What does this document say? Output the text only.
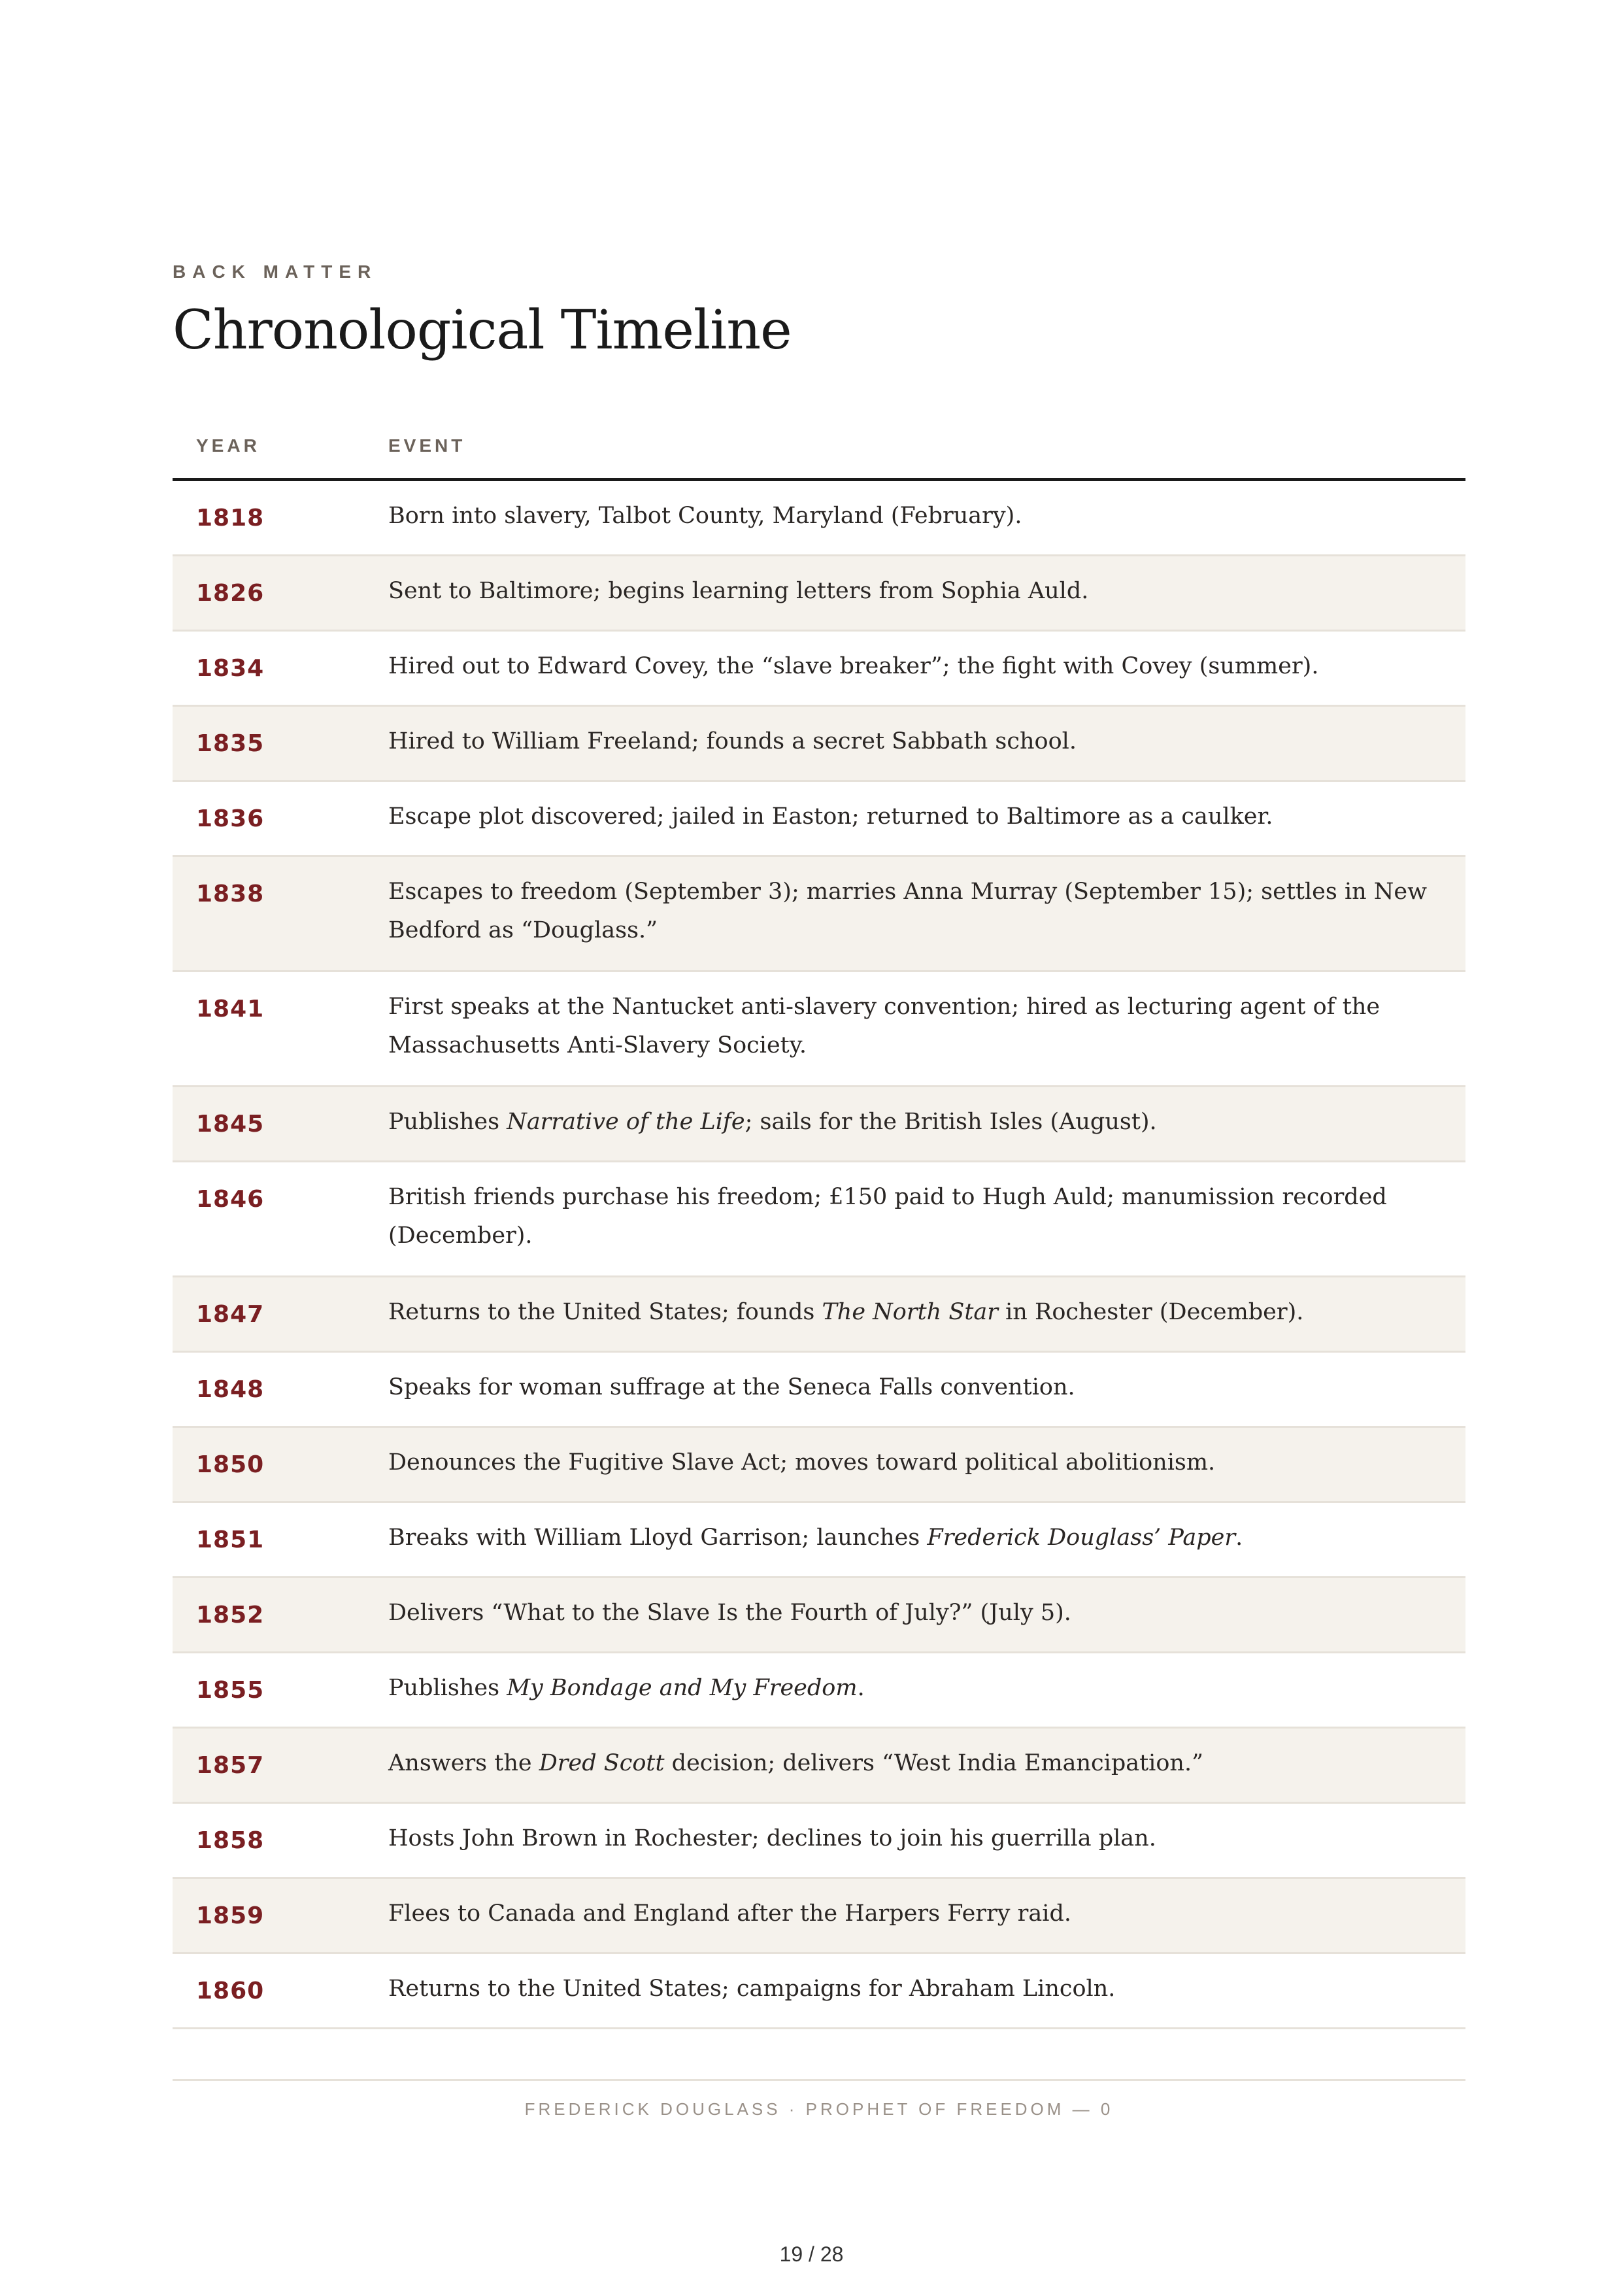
BACK MATTER
Chronological Timeline
YEAR	EVENT
1818	Born into slavery, Talbot County, Maryland (February).
1826	Sent to Baltimore; begins learning letters from Sophia Auld.
1834	Hired out to Edward Covey, the “slave breaker”; the fight with Covey (summer).
1835	Hired to William Freeland; founds a secret Sabbath school.
1836	Escape plot discovered; jailed in Easton; returned to Baltimore as a caulker.
1838	Escapes to freedom (September 3); marries Anna Murray (September 15); settles in New Bedford as “Douglass.”
1841	First speaks at the Nantucket anti-slavery convention; hired as lecturing agent of the Massachusetts Anti-Slavery Society.
1845	Publishes Narrative of the Life; sails for the British Isles (August).
1846	British friends purchase his freedom; £150 paid to Hugh Auld; manumission recorded (December).
1847	Returns to the United States; founds The North Star in Rochester (December).
1848	Speaks for woman suffrage at the Seneca Falls convention.
1850	Denounces the Fugitive Slave Act; moves toward political abolitionism.
1851	Breaks with William Lloyd Garrison; launches Frederick Douglass’ Paper.
1852	Delivers “What to the Slave Is the Fourth of July?” (July 5).
1855	Publishes My Bondage and My Freedom.
1857	Answers the Dred Scott decision; delivers “West India Emancipation.”
1858	Hosts John Brown in Rochester; declines to join his guerrilla plan.
1859	Flees to Canada and England after the Harpers Ferry raid.
1860	Returns to the United States; campaigns for Abraham Lincoln.
FREDERICK DOUGLASS · PROPHET OF FREEDOM — 0
19 / 28
